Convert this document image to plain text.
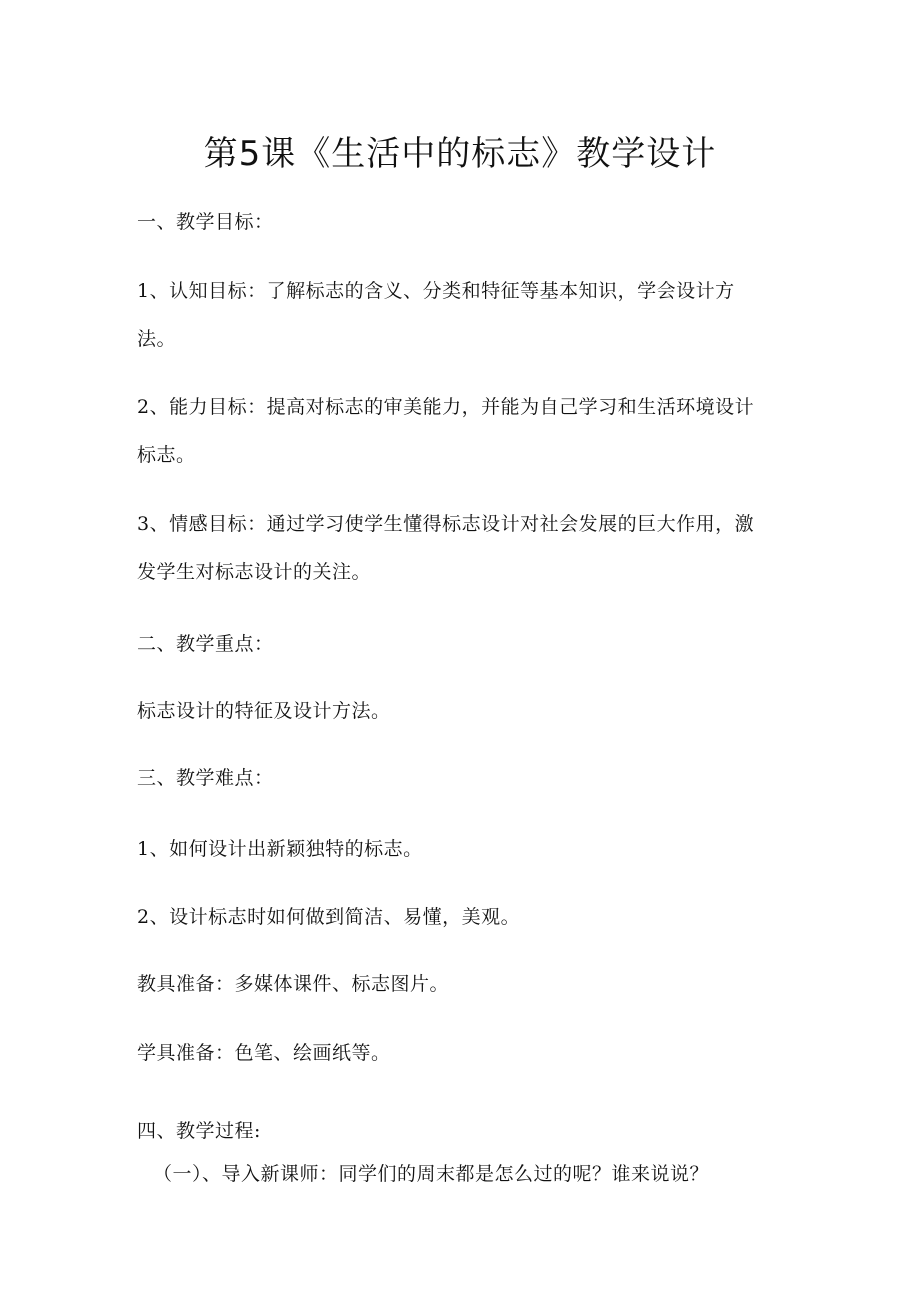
第5课《生活中的标志》教学设计
一、教学目标：
1、认知目标：了解标志的含义、分类和特征等基本知识，学会设计方
法。
2、能力目标：提高对标志的审美能力，并能为自己学习和生活环境设计
标志。
3、情感目标：通过学习使学生懂得标志设计对社会发展的巨大作用，激
发学生对标志设计的关注。
二、教学重点：
标志设计的特征及设计方法。
三、教学难点：
1、如何设计出新颖独特的标志。
2、设计标志时如何做到简洁、易懂，美观。
教具准备：多媒体课件、标志图片。
学具准备：色笔、绘画纸等。
四、教学过程:
（一）、导入新课师：同学们的周末都是怎么过的呢？谁来说说？
